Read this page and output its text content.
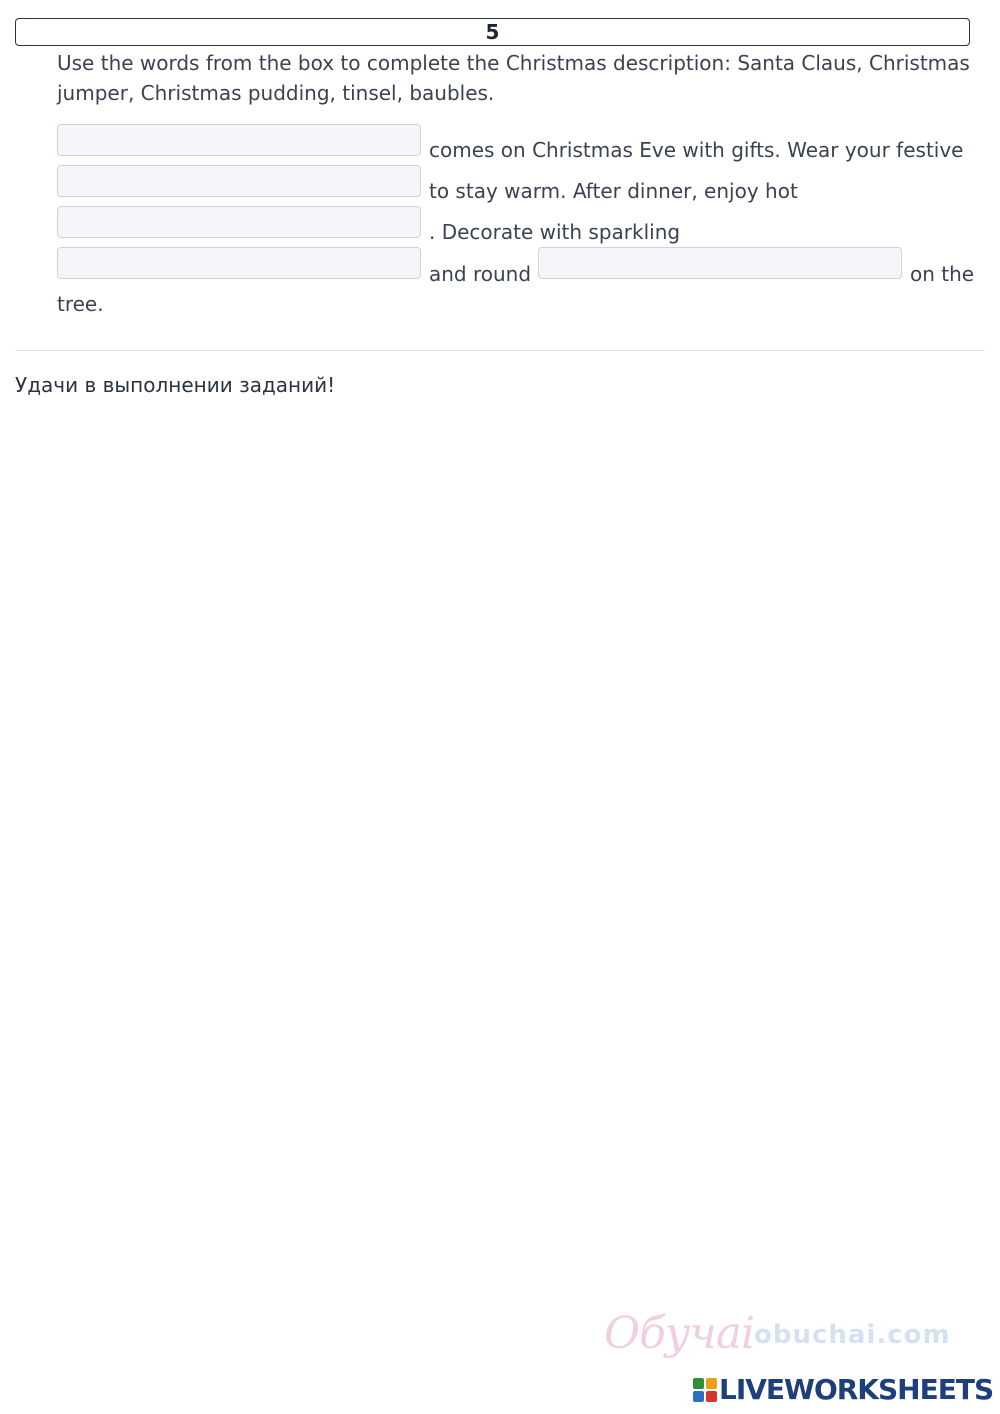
5
Use the words from the box to complete the Christmas description: Santa Claus, Christmas jumper, Christmas pudding, tinsel, baubles.
comes on Christmas Eve with gifts. Wear your festive
to stay warm. After dinner, enjoy hot
. Decorate with sparkling
and round	on the
tree.
Удачи в выполнении заданий!
Обучаі obuchai.com
LIVEWORKSHEETS
